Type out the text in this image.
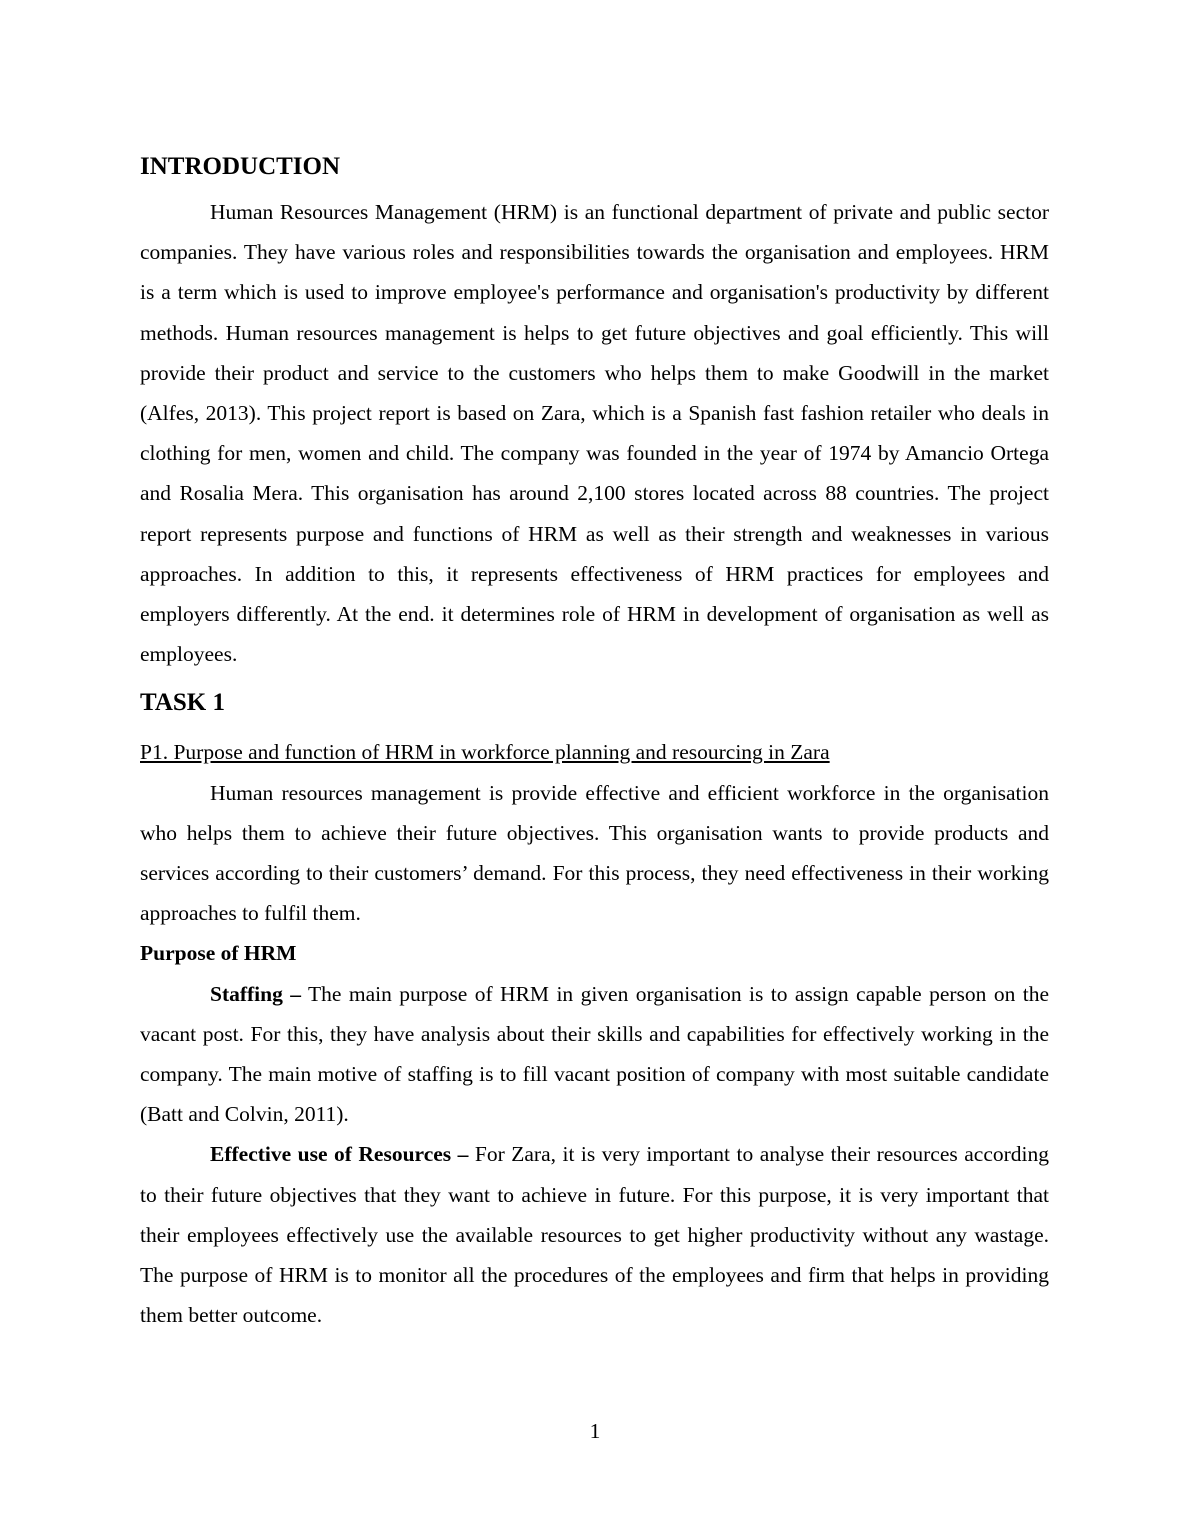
INTRODUCTION

Human Resources Management (HRM) is an functional department of private and public sector companies. They have various roles and responsibilities towards the organisation and employees. HRM is a term which is used to improve employee's performance and organisation's productivity by different methods. Human resources management is helps to get future objectives and goal efficiently. This will provide their product and service to the customers who helps them to make Goodwill in the market (Alfes, 2013). This project report is based on Zara, which is a Spanish fast fashion retailer who deals in clothing for men, women and child. The company was founded in the year of 1974 by Amancio Ortega and Rosalia Mera. This organisation has around 2,100 stores located across 88 countries. The project report represents purpose and functions of HRM as well as their strength and weaknesses in various approaches. In addition to this, it represents effectiveness of HRM practices for employees and employers differently. At the end. it determines role of HRM in development of organisation as well as employees.

TASK 1
P1. Purpose and function of HRM in workforce planning and resourcing in Zara

Human resources management is provide effective and efficient workforce in the organisation who helps them to achieve their future objectives. This organisation wants to provide products and services according to their customers’ demand. For this process, they need effectiveness in their working approaches to fulfil them.

Purpose of HRM

Staffing – The main purpose of HRM in given organisation is to assign capable person on the vacant post. For this, they have analysis about their skills and capabilities for effectively working in the company. The main motive of staffing is to fill vacant position of company with most suitable candidate (Batt and Colvin, 2011).

Effective use of Resources – For Zara, it is very important to analyse their resources according to their future objectives that they want to achieve in future. For this purpose, it is very important that their employees effectively use the available resources to get higher productivity without any wastage. The purpose of HRM is to monitor all the procedures of the employees and firm that helps in providing them better outcome.

1
